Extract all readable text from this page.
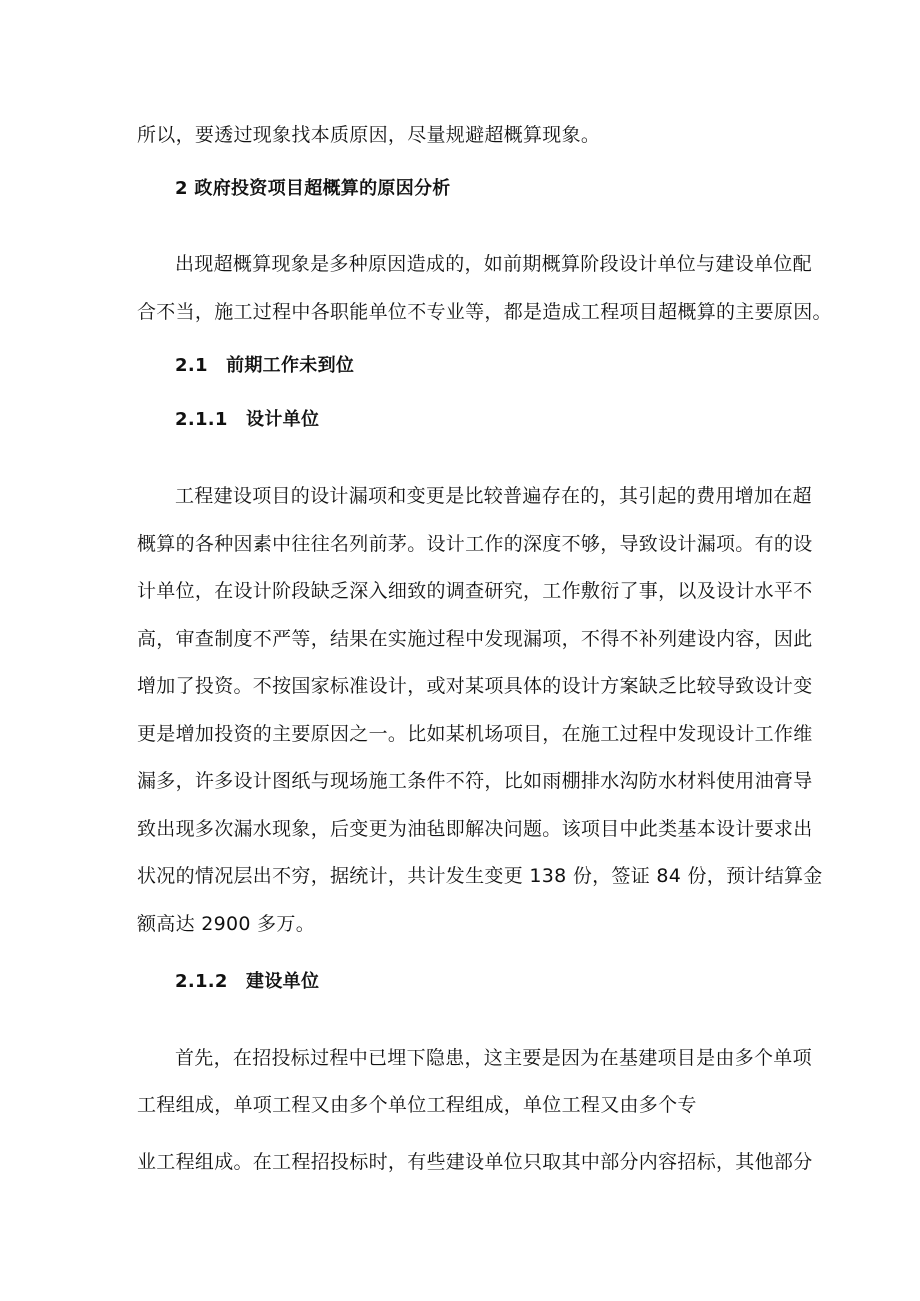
所以，要透过现象找本质原因，尽量规避超概算现象。
2 政府投资项目超概算的原因分析
出现超概算现象是多种原因造成的，如前期概算阶段设计单位与建设单位配
合不当，施工过程中各职能单位不专业等，都是造成工程项目超概算的主要原因。
2.1　前期工作未到位
2.1.1　设计单位
工程建设项目的设计漏项和变更是比较普遍存在的，其引起的费用增加在超
概算的各种因素中往往名列前茅。设计工作的深度不够，导致设计漏项。有的设
计单位，在设计阶段缺乏深入细致的调查研究，工作敷衍了事，以及设计水平不
高，审查制度不严等，结果在实施过程中发现漏项，不得不补列建设内容，因此
增加了投资。不按国家标准设计，或对某项具体的设计方案缺乏比较导致设计变
更是增加投资的主要原因之一。比如某机场项目，在施工过程中发现设计工作维
漏多，许多设计图纸与现场施工条件不符，比如雨棚排水沟防水材料使用油膏导
致出现多次漏水现象，后变更为油毡即解决问题。该项目中此类基本设计要求出
状况的情况层出不穷，据统计，共计发生变更 138 份，签证 84 份，预计结算金
额高达 2900 多万。
2.1.2　建设单位
首先，在招投标过程中已埋下隐患，这主要是因为在基建项目是由多个单项
工程组成，单项工程又由多个单位工程组成，单位工程又由多个专
业工程组成。在工程招投标时，有些建设单位只取其中部分内容招标，其他部分
